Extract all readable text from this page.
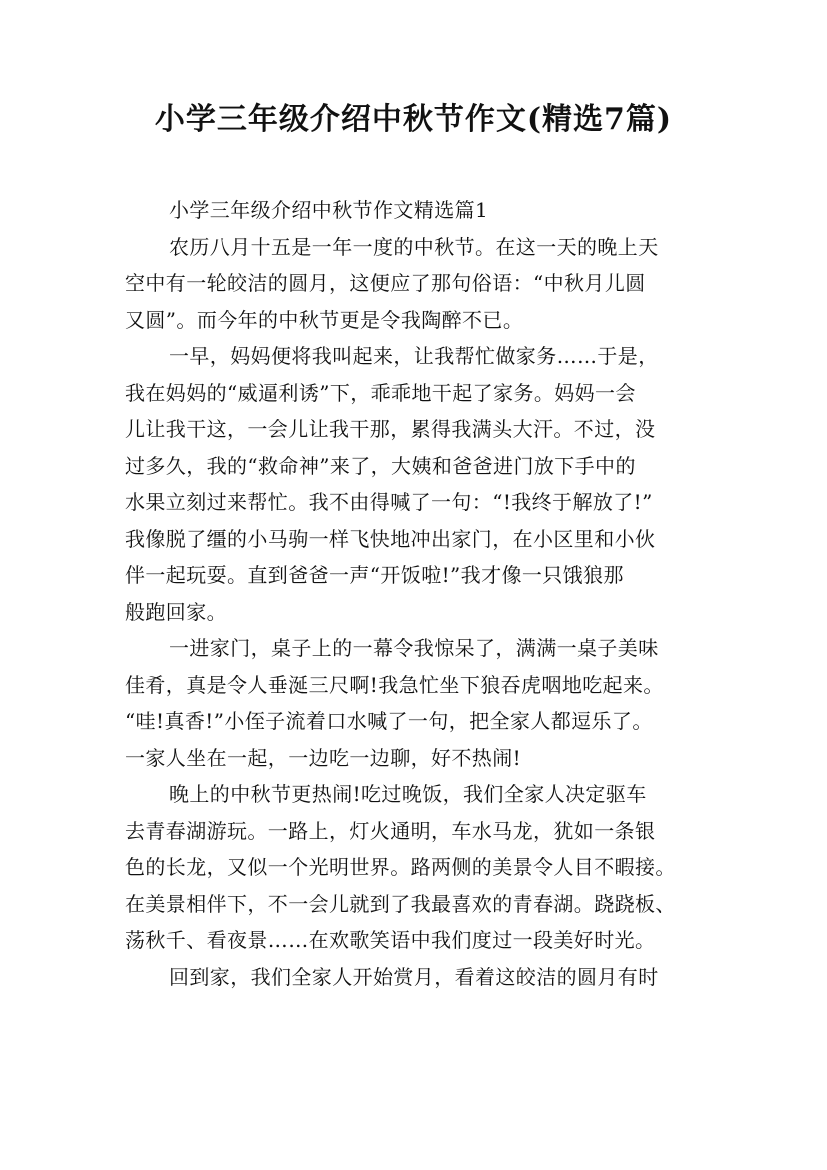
小学三年级介绍中秋节作文(精选7篇)
小学三年级介绍中秋节作文精选篇1
农历八月十五是一年一度的中秋节。在这一天的晚上天
空中有一轮皎洁的圆月，这便应了那句俗语：“中秋月儿圆
又圆”。而今年的中秋节更是令我陶醉不已。
一早，妈妈便将我叫起来，让我帮忙做家务……于是，
我在妈妈的“威逼利诱”下，乖乖地干起了家务。妈妈一会
儿让我干这，一会儿让我干那，累得我满头大汗。不过，没
过多久，我的“救命神”来了，大姨和爸爸进门放下手中的
水果立刻过来帮忙。我不由得喊了一句：“!我终于解放了!”
我像脱了缰的小马驹一样飞快地冲出家门，在小区里和小伙
伴一起玩耍。直到爸爸一声“开饭啦!”我才像一只饿狼那
般跑回家。
一进家门，桌子上的一幕令我惊呆了，满满一桌子美味
佳肴，真是令人垂涎三尺啊!我急忙坐下狼吞虎咽地吃起来。
“哇!真香!”小侄子流着口水喊了一句，把全家人都逗乐了。
一家人坐在一起，一边吃一边聊，好不热闹!
晚上的中秋节更热闹!吃过晚饭，我们全家人决定驱车
去青春湖游玩。一路上，灯火通明，车水马龙，犹如一条银
色的长龙，又似一个光明世界。路两侧的美景令人目不暇接。
在美景相伴下，不一会儿就到了我最喜欢的青春湖。跷跷板、
荡秋千、看夜景……在欢歌笑语中我们度过一段美好时光。
回到家，我们全家人开始赏月，看着这皎洁的圆月有时
